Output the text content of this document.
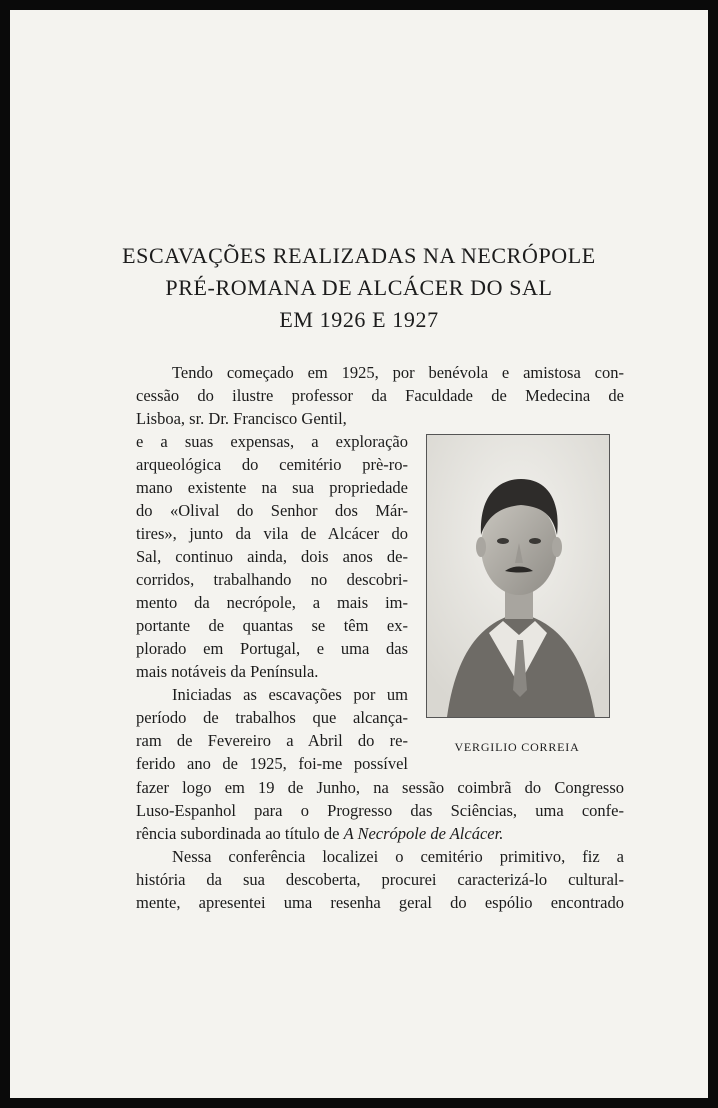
ESCAVAÇÕES REALIZADAS NA NECRÓPOLE
PRÉ-ROMANA DE ALCÁCER DO SAL
EM 1926 E 1927
Tendo começado em 1925, por benévola e amistosa con-
cessão do ilustre professor da Faculdade de Medecina de
Lisboa, sr. Dr. Francisco Gentil,
e a suas expensas, a exploração
arqueológica do cemitério prè-ro-
mano existente na sua propriedade
do «Olival do Senhor dos Már-
tires», junto da vila de Alcácer do
Sal, continuo ainda, dois anos de-
corridos, trabalhando no descobri-
mento da necrópole, a mais im-
portante de quantas se têm ex-
plorado em Portugal, e uma das
mais notáveis da Península.
Iniciadas as escavações por um
período de trabalhos que alcança-
ram de Fevereiro a Abril do re-
ferido ano de 1925, foi-me possível
fazer logo em 19 de Junho, na sessão coimbrã do Congresso
Luso-Espanhol para o Progresso das Sciências, uma confe-
rência subordinada ao título de A Necrópole de Alcácer.
Nessa conferência localizei o cemitério primitivo, fiz a
história da sua descoberta, procurei caracterizá-lo cultural-
mente, apresentei uma resenha geral do espólio encontrado
VERGILIO CORREIA
